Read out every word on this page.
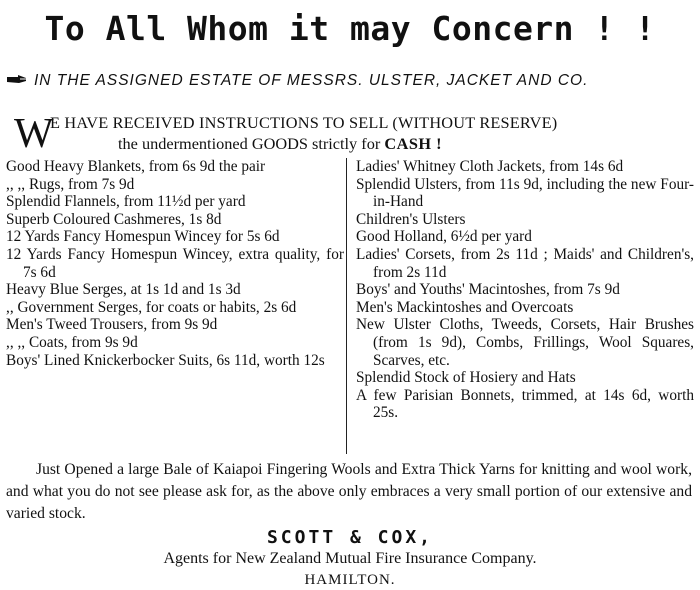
To All Whom it may Concern ! !
IN THE ASSIGNED ESTATE OF MESSRS. ULSTER, JACKET AND CO.
W
E HAVE RECEIVED INSTRUCTIONS TO SELL (WITHOUT RESERVE)
the undermentioned GOODS strictly for CASH !
Good Heavy Blankets, from 6s 9d the pair
,, ,, Rugs, from 7s 9d
Splendid Flannels, from 11½d per yard
Superb Coloured Cashmeres, 1s 8d
12 Yards Fancy Homespun Wincey for 5s 6d
12 Yards Fancy Homespun Wincey, extra quality, for 7s 6d
Heavy Blue Serges, at 1s 1d and 1s 3d
,, Government Serges, for coats or habits, 2s 6d
Men's Tweed Trousers, from 9s 9d
,, ,, Coats, from 9s 9d
Boys' Lined Knickerbocker Suits, 6s 11d, worth 12s
Ladies' Whitney Cloth Jackets, from 14s 6d
Splendid Ulsters, from 11s 9d, including the new Four-in-Hand
Children's Ulsters
Good Holland, 6½d per yard
Ladies' Corsets, from 2s 11d ; Maids' and Children's, from 2s 11d
Boys' and Youths' Macintoshes, from 7s 9d
Men's Mackintoshes and Overcoats
New Ulster Cloths, Tweeds, Corsets, Hair Brushes (from 1s 9d), Combs, Frillings, Wool Squares, Scarves, etc.
Splendid Stock of Hosiery and Hats
A few Parisian Bonnets, trimmed, at 14s 6d, worth 25s.
Just Opened a large Bale of Kaiapoi Fingering Wools and Extra Thick Yarns for knitting and wool work, and what you do not see please ask for, as the above only embraces a very small portion of our extensive and varied stock.
SCOTT & COX,
Agents for New Zealand Mutual Fire Insurance Company.
HAMILTON.
